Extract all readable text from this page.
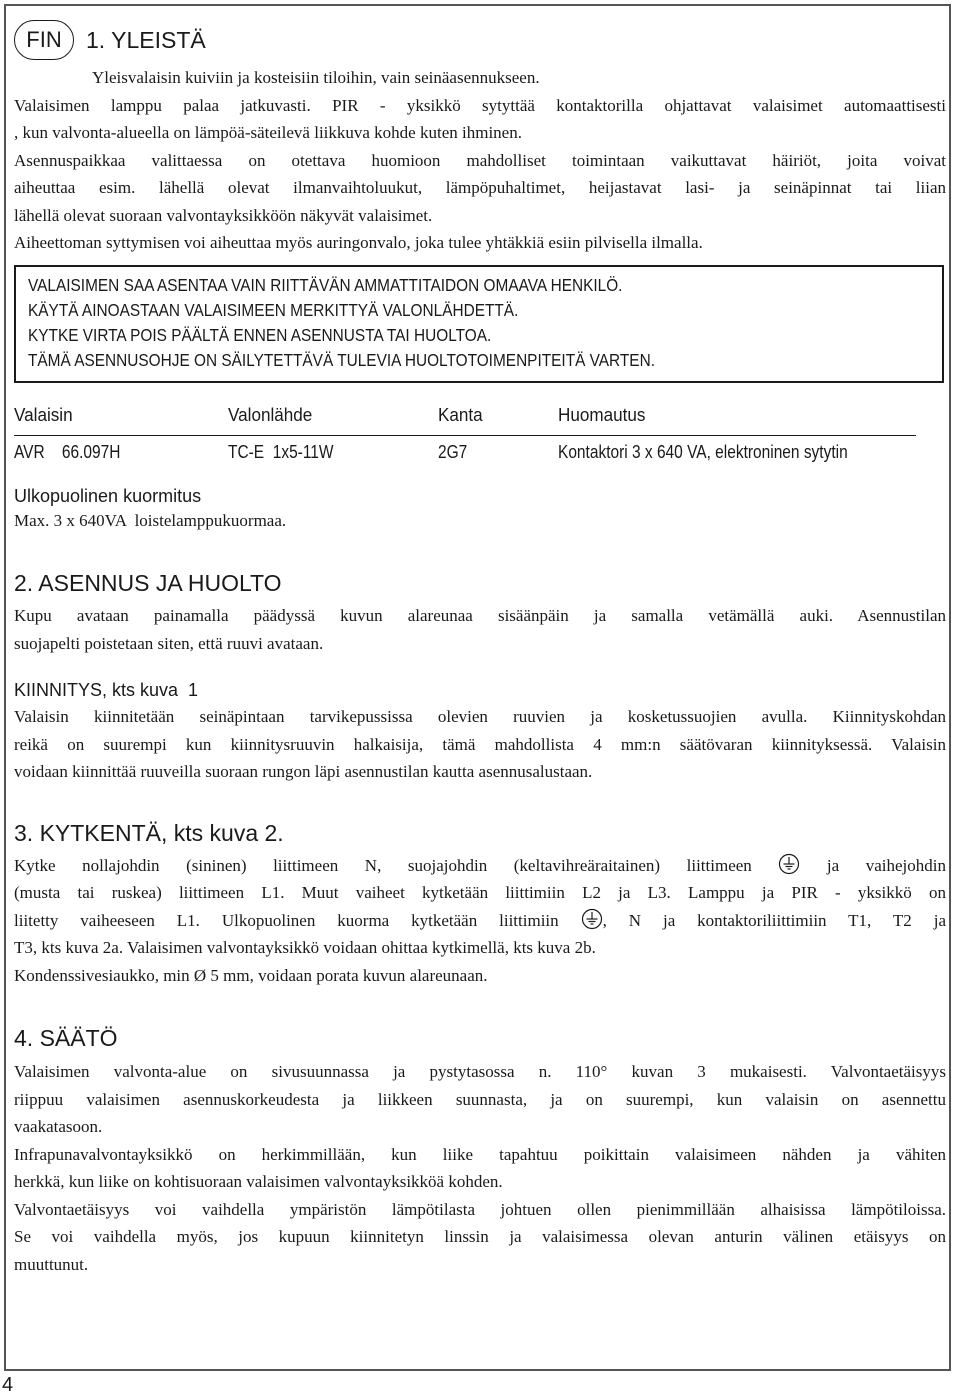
FIN	1. YLEISTÄ
Yleisvalaisin kuiviin ja kosteisiin tiloihin, vain seinäasennukseen.
Valaisimen lamppu palaa jatkuvasti. PIR - yksikkö sytyttää kontaktorilla ohjattavat valaisimet automaattisesti
, kun valvonta-alueella on lämpöä-säteilevä liikkuva kohde kuten ihminen.
Asennuspaikkaa valittaessa on otettava huomioon mahdolliset toimintaan vaikuttavat häiriöt, joita voivat
aiheuttaa esim. lähellä olevat ilmanvaihtoluukut, lämpöpuhaltimet, heijastavat lasi- ja seinäpinnat tai liian
lähellä olevat suoraan valvontayksikköön näkyvät valaisimet.
Aiheettoman syttymisen voi aiheuttaa myös auringonvalo, joka tulee yhtäkkiä esiin pilvisella ilmalla.
VALAISIMEN SAA ASENTAA VAIN RIITTÄVÄN AMMATTITAIDON OMAAVA HENKILÖ.
KÄYTÄ AINOASTAAN VALAISIMEEN MERKITTYÄ VALONLÄHDETTÄ.
KYTKE VIRTA POIS PÄÄLTÄ ENNEN ASENNUSTA TAI HUOLTOA.
TÄMÄ ASENNUSOHJE ON SÄILYTETTÄVÄ TULEVIA HUOLTOTOIMENPITEITÄ VARTEN.
Valaisin	Valonlähde	Kanta	Huomautus
AVR    66.097H	TC-E  1x5-11W	2G7	Kontaktori 3 x 640 VA, elektroninen sytytin

Ulkopuolinen kuormitus

Max. 3 x 640VA  loistelamppukuormaa.

2. ASENNUS JA HUOLTO
Kupu avataan painamalla päädyssä kuvun alareunaa sisäänpäin ja samalla vetämällä auki. Asennustilan
suojapelti poistetaan siten, että ruuvi avataan.

KIINNITYS, kts kuva  1

Valaisin kiinnitetään seinäpintaan tarvikepussissa olevien ruuvien ja kosketussuojien avulla. Kiinnityskohdan
reikä on suurempi kun kiinnitysruuvin halkaisija, tämä mahdollista 4 mm:n säätövaran kiinnityksessä. Valaisin
voidaan kiinnittää ruuveilla suoraan rungon läpi asennustilan kautta asennusalustaan.
3. KYTKENTÄ, kts kuva 2.
Kytke nollajohdin (sininen) liittimeen N, suojajohdin (keltavihreäraitainen) liittimeen	ja vaihejohdin
(musta tai ruskea) liittimeen L1. Muut vaiheet kytketään liittimiin L2 ja L3. Lamppu ja PIR - yksikkö on
liitetty vaiheeseen L1. Ulkopuolinen kuorma kytketään liittimiin	, N ja kontaktoriliittimiin T1, T2 ja
T3, kts kuva 2a. Valaisimen valvontayksikkö voidaan ohittaa kytkimellä, kts kuva 2b.
Kondenssivesiaukko, min Ø 5 mm, voidaan porata kuvun alareunaan.
4. SÄÄTÖ
Valaisimen valvonta-alue on sivusuunnassa ja pystytasossa n. 110° kuvan 3 mukaisesti. Valvontaetäisyys
riippuu valaisimen asennuskorkeudesta ja liikkeen suunnasta, ja on suurempi, kun valaisin on asennettu
vaakatasoon.
Infrapunavalvontayksikkö on herkimmillään, kun liike tapahtuu poikittain valaisimeen nähden ja vähiten
herkkä, kun liike on kohtisuoraan valaisimen valvontayksikköä kohden.
Valvontaetäisyys voi vaihdella ympäristön lämpötilasta johtuen ollen pienimmillään alhaisissa lämpötiloissa.
Se voi vaihdella myös, jos kupuun kiinnitetyn linssin ja valaisimessa olevan anturin välinen etäisyys on
muuttunut.
4
